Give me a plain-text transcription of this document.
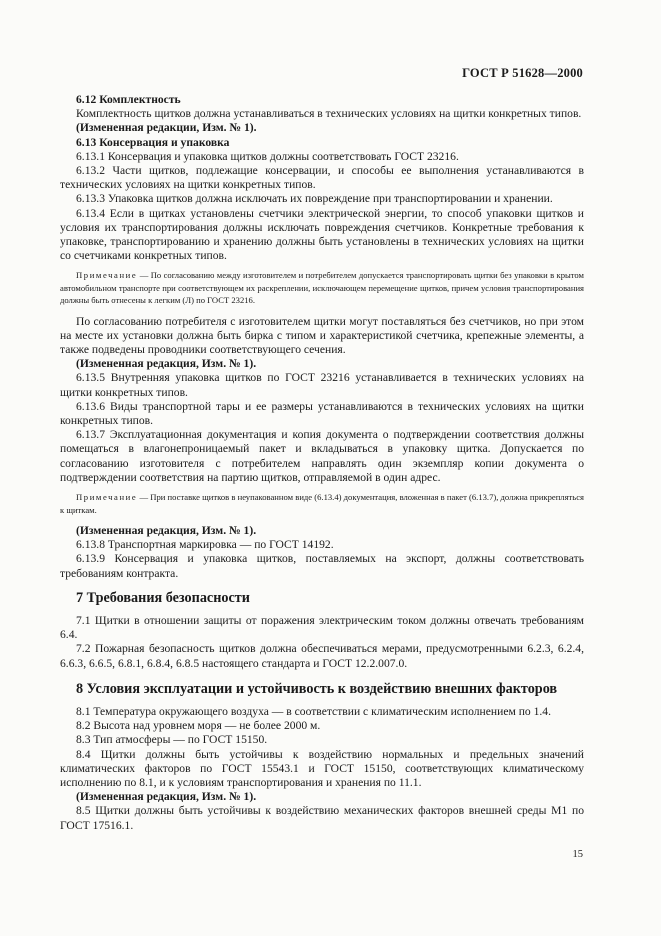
ГОСТ Р 51628—2000

6.12 Комплектность

Комплектность щитков должна устанавливаться в технических условиях на щитки конкретных типов.

(Измененная редакции, Изм. № 1).

6.13 Консервация и упаковка

6.13.1 Консервация и упаковка щитков должны соответствовать ГОСТ 23216.

6.13.2 Части щитков, подлежащие консервации, и способы ее выполнения устанавливаются в технических условиях на щитки конкретных типов.

6.13.3 Упаковка щитков должна исключать их повреждение при транспортировании и хранении.

6.13.4 Если в щитках установлены счетчики электрической энергии, то способ упаковки щитков и условия их транспортирования должны исключать повреждения счетчиков. Конкретные требования к упаковке, транспортированию и хранению должны быть установлены в технических условиях на щитки со счетчиками конкретных типов.

Примечание — По согласованию между изготовителем и потребителем допускается транспортировать щитки без упаковки в крытом автомобильном транспорте при соответствующем их раскреплении, исключающем перемещение щитков, причем условия транспортирования должны быть отнесены к легким (Л) по ГОСТ 23216.

По согласованию потребителя с изготовителем щитки могут поставляться без счетчиков, но при этом на месте их установки должна быть бирка с типом и характеристикой счетчика, крепежные элементы, а также подведены проводники соответствующего сечения.

(Измененная редакция, Изм. № 1).

6.13.5 Внутренняя упаковка щитков по ГОСТ 23216 устанавливается в технических условиях на щитки конкретных типов.

6.13.6 Виды транспортной тары и ее размеры устанавливаются в технических условиях на щитки конкретных типов.

6.13.7 Эксплуатационная документация и копия документа о подтверждении соответствия должны помещаться в влагонепроницаемый пакет и вкладываться в упаковку щитка. Допускается по согласованию изготовителя с потребителем направлять один экземпляр копии документа о подтверждении соответствия на партию щитков, отправляемой в один адрес.

Примечание — При поставке щитков в неупакованном виде (6.13.4) документация, вложенная в пакет (6.13.7), должна прикрепляться к щиткам.

(Измененная редакция, Изм. № 1).

6.13.8 Транспортная маркировка — по ГОСТ 14192.

6.13.9 Консервация и упаковка щитков, поставляемых на экспорт, должны соответствовать требованиям контракта.

7 Требования безопасности

7.1 Щитки в отношении защиты от поражения электрическим током должны отвечать требованиям 6.4.

7.2 Пожарная безопасность щитков должна обеспечиваться мерами, предусмотренными 6.2.3, 6.2.4, 6.6.3, 6.6.5, 6.8.1, 6.8.4, 6.8.5 настоящего стандарта и ГОСТ 12.2.007.0.

8 Условия эксплуатации и устойчивость к воздействию внешних факторов

8.1 Температура окружающего воздуха — в соответствии с климатическим исполнением по 1.4.

8.2 Высота над уровнем моря — не более 2000 м.

8.3 Тип атмосферы — по ГОСТ 15150.

8.4 Щитки должны быть устойчивы к воздействию нормальных и предельных значений климатических факторов по ГОСТ 15543.1 и ГОСТ 15150, соответствующих климатическому исполнению по 8.1, и к условиям транспортирования и хранения по 11.1.

(Измененная редакция, Изм. № 1).

8.5 Щитки должны быть устойчивы к воздействию механических факторов внешней среды M1 по ГОСТ 17516.1.

15
